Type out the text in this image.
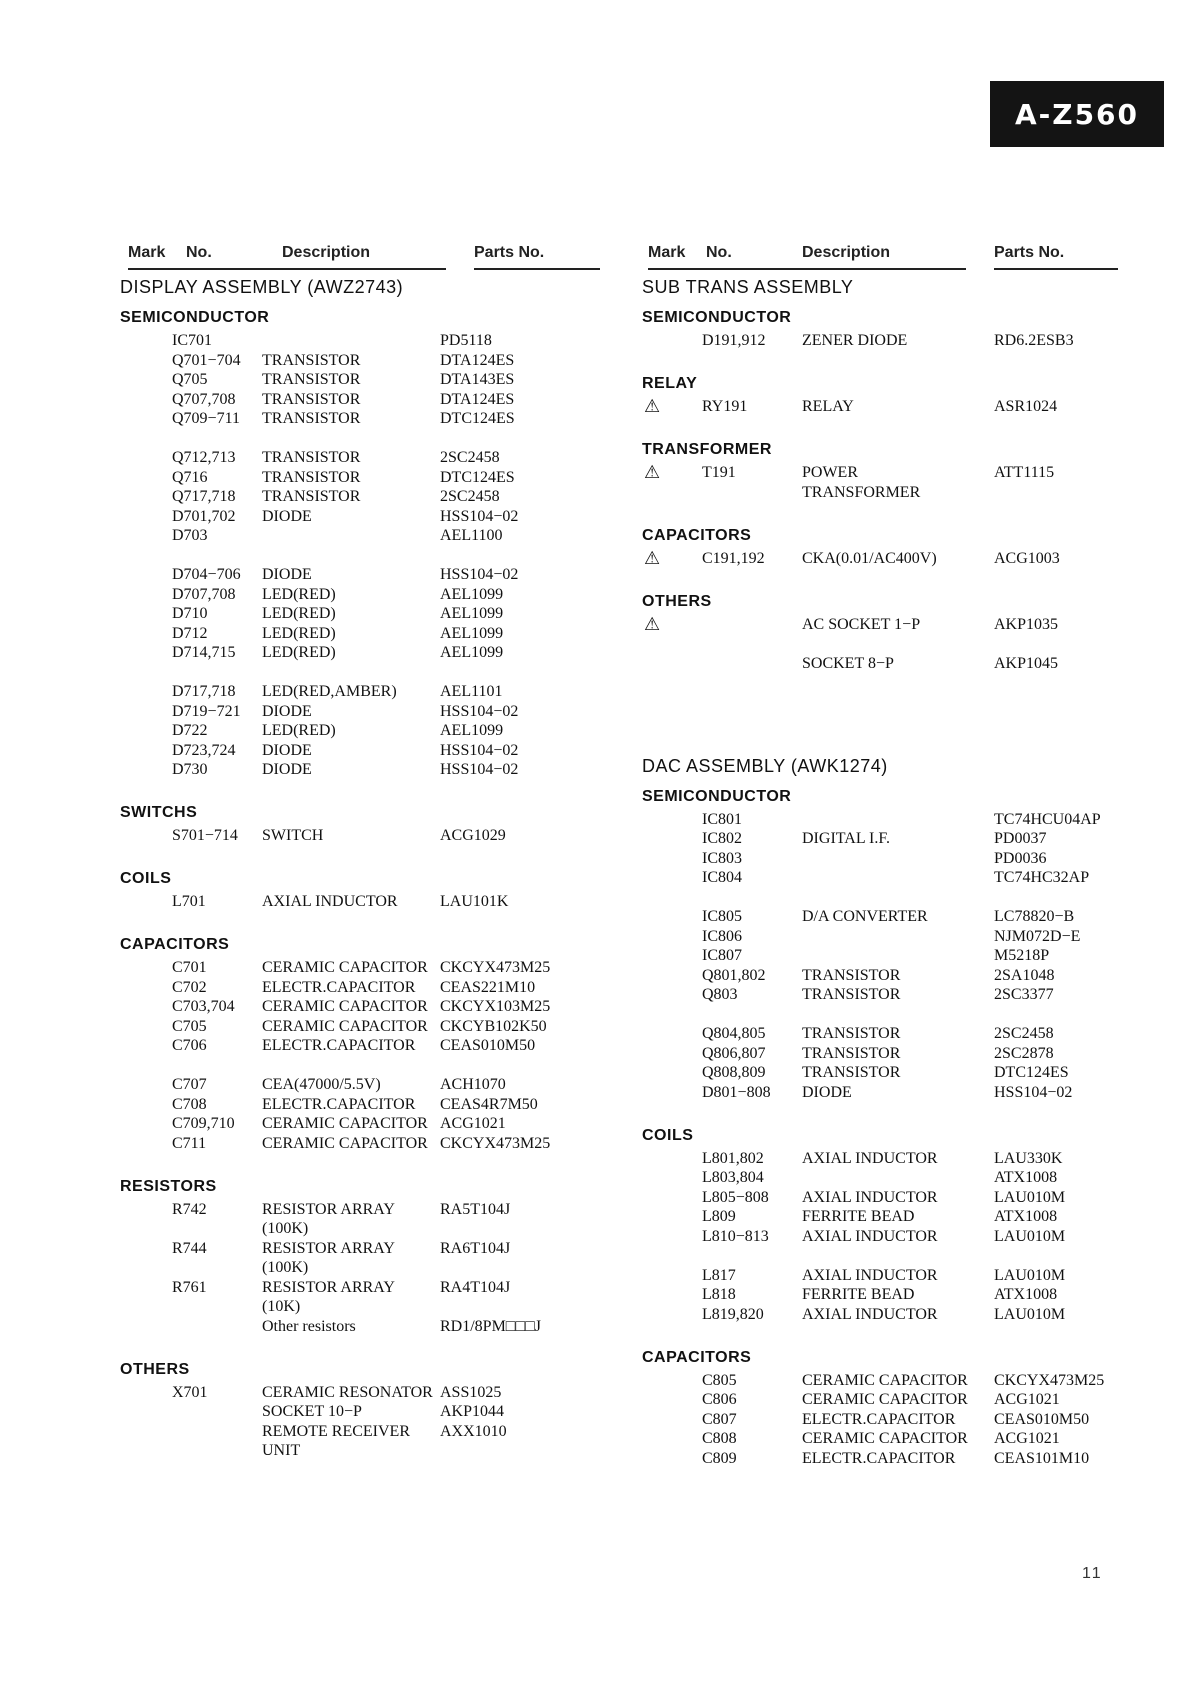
A-Z560
Mark No.	Description	Parts No.
DISPLAY ASSEMBLY (AWZ2743)
SEMICONDUCTOR
IC701	PD5118
Q701−704 TRANSISTOR	DTA124ES
Q705	TRANSISTOR	DTA143ES
Q707,708 TRANSISTOR	DTA124ES
Q709−711 TRANSISTOR	DTC124ES
Q712,713 TRANSISTOR	2SC2458
Q716	TRANSISTOR	DTC124ES
Q717,718 TRANSISTOR	2SC2458
D701,702 DIODE	HSS104−02
D703	AEL1100
D704−706 DIODE	HSS104−02
D707,708 LED(RED)	AEL1099
D710	LED(RED)	AEL1099
D712	LED(RED)	AEL1099
D714,715 LED(RED)	AEL1099
D717,718 LED(RED,AMBER)	AEL1101
D719−721 DIODE	HSS104−02
D722	LED(RED)	AEL1099
D723,724 DIODE	HSS104−02
D730	DIODE	HSS104−02
SWITCHS
S701−714 SWITCH	ACG1029
COILS
L701	AXIAL INDUCTOR	LAU101K
CAPACITORS
C701	CERAMIC CAPACITOR CKCYX473M25
C702	ELECTR.CAPACITOR CEAS221M10
C703,704 CERAMIC CAPACITOR CKCYX103M25
C705	CERAMIC CAPACITOR CKCYB102K50
C706	ELECTR.CAPACITOR CEAS010M50
C707	CEA(47000/5.5V)	ACH1070
C708	ELECTR.CAPACITOR CEAS4R7M50
C709,710 CERAMIC CAPACITOR ACG1021
C711	CERAMIC CAPACITOR CKCYX473M25
RESISTORS
R742	RESISTOR ARRAY	RA5T104J
(100K)
R744	RESISTOR ARRAY	RA6T104J
(100K)
R761	RESISTOR ARRAY	RA4T104J
(10K)
Other resistors	RD1/8PM□□□J
OTHERS
X701	CERAMIC RESONATOR ASS1025
SOCKET 10−P	AKP1044
REMOTE RECEIVER AXX1010
UNIT
Mark No.	Description	Parts No.
SUB TRANS ASSEMBLY
SEMICONDUCTOR
D191,912 ZENER DIODE	RD6.2ESB3
RELAY
⚠	RY191	RELAY	ASR1024
TRANSFORMER
⚠	T191	POWER	ATT1115
TRANSFORMER
CAPACITORS
⚠	C191,192 CKA(0.01/AC400V)	ACG1003
OTHERS
⚠	AC SOCKET 1−P	AKP1035
SOCKET 8−P	AKP1045
DAC ASSEMBLY (AWK1274)
SEMICONDUCTOR
IC801	TC74HCU04AP
IC802	DIGITAL I.F.	PD0037
IC803	PD0036
IC804	TC74HC32AP
IC805	D/A CONVERTER	LC78820−B
IC806	NJM072D−E
IC807	M5218P
Q801,802 TRANSISTOR	2SA1048
Q803	TRANSISTOR	2SC3377
Q804,805 TRANSISTOR	2SC2458
Q806,807 TRANSISTOR	2SC2878
Q808,809 TRANSISTOR	DTC124ES
D801−808 DIODE	HSS104−02
COILS
L801,802 AXIAL INDUCTOR	LAU330K
L803,804	ATX1008
L805−808 AXIAL INDUCTOR	LAU010M
L809	FERRITE BEAD	ATX1008
L810−813 AXIAL INDUCTOR	LAU010M
L817	AXIAL INDUCTOR	LAU010M
L818	FERRITE BEAD	ATX1008
L819,820 AXIAL INDUCTOR	LAU010M
CAPACITORS
C805	CERAMIC CAPACITOR CKCYX473M25
C806	CERAMIC CAPACITOR ACG1021
C807	ELECTR.CAPACITOR CEAS010M50
C808	CERAMIC CAPACITOR ACG1021
C809	ELECTR.CAPACITOR CEAS101M10
11
